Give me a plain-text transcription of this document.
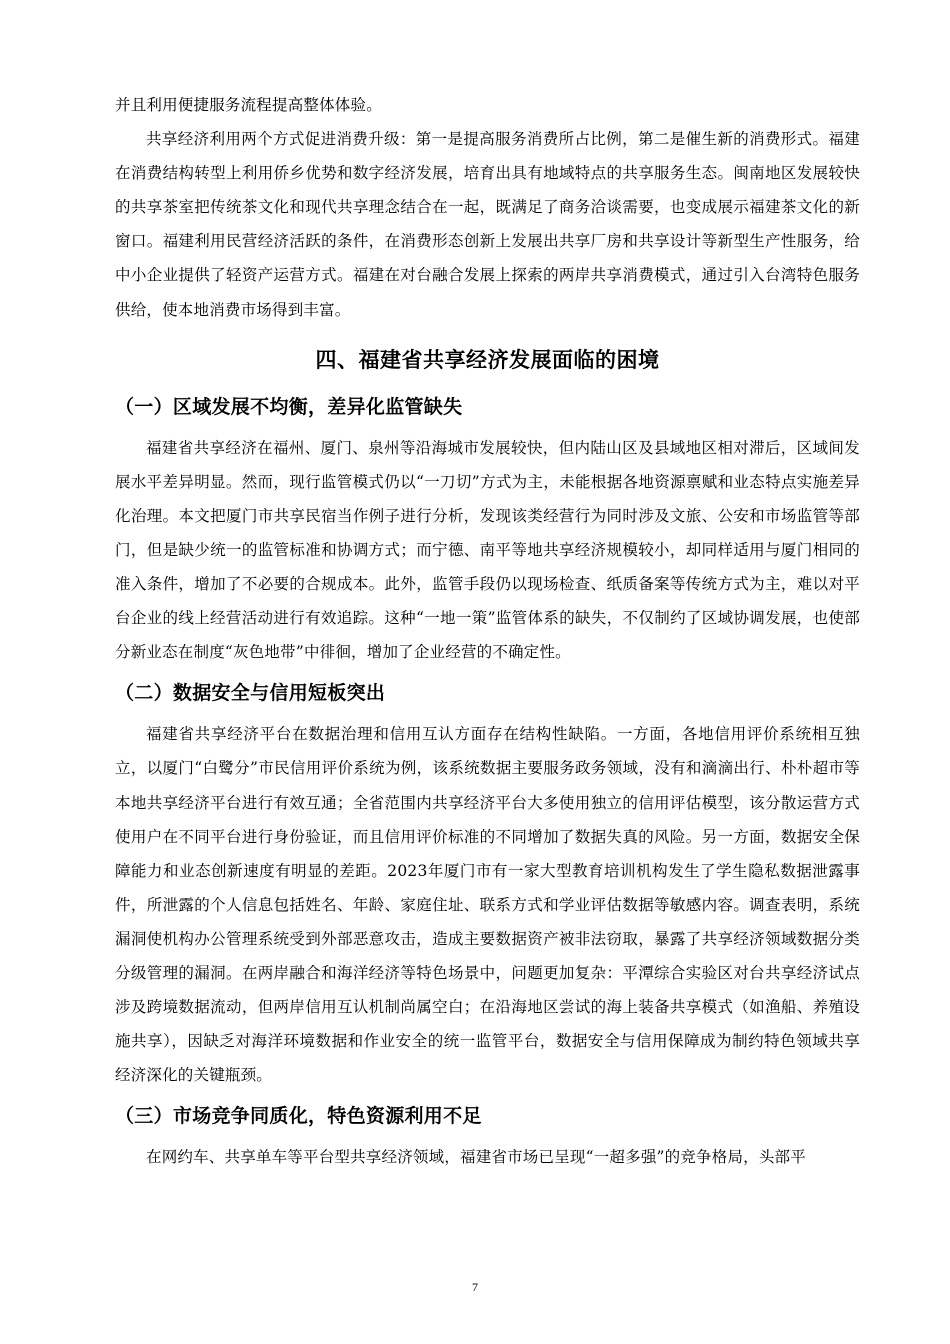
并且利用便捷服务流程提高整体体验。

共享经济利用两个方式促进消费升级：第一是提高服务消费所占比例，第二是催生新的消费形式。福建在消费结构转型上利用侨乡优势和数字经济发展，培育出具有地域特点的共享服务生态。闽南地区发展较快的共享茶室把传统茶文化和现代共享理念结合在一起，既满足了商务洽谈需要，也变成展示福建茶文化的新窗口。福建利用民营经济活跃的条件，在消费形态创新上发展出共享厂房和共享设计等新型生产性服务，给中小企业提供了轻资产运营方式。福建在对台融合发展上探索的两岸共享消费模式，通过引入台湾特色服务供给，使本地消费市场得到丰富。

四、福建省共享经济发展面临的困境
（一）区域发展不均衡，差异化监管缺失

福建省共享经济在福州、厦门、泉州等沿海城市发展较快，但内陆山区及县域地区相对滞后，区域间发展水平差异明显。然而，现行监管模式仍以“一刀切”方式为主，未能根据各地资源禀赋和业态特点实施差异化治理。本文把厦门市共享民宿当作例子进行分析，发现该类经营行为同时涉及文旅、公安和市场监管等部门，但是缺少统一的监管标准和协调方式；而宁德、南平等地共享经济规模较小，却同样适用与厦门相同的准入条件，增加了不必要的合规成本。此外，监管手段仍以现场检查、纸质备案等传统方式为主，难以对平台企业的线上经营活动进行有效追踪。这种“一地一策”监管体系的缺失，不仅制约了区域协调发展，也使部分新业态在制度“灰色地带”中徘徊，增加了企业经营的不确定性。

（二）数据安全与信用短板突出

福建省共享经济平台在数据治理和信用互认方面存在结构性缺陷。一方面，各地信用评价系统相互独立，以厦门“白鹭分”市民信用评价系统为例，该系统数据主要服务政务领域，没有和滴滴出行、朴朴超市等本地共享经济平台进行有效互通；全省范围内共享经济平台大多使用独立的信用评估模型，该分散运营方式使用户在不同平台进行身份验证，而且信用评价标准的不同增加了数据失真的风险。另一方面，数据安全保障能力和业态创新速度有明显的差距。2023年厦门市有一家大型教育培训机构发生了学生隐私数据泄露事件，所泄露的个人信息包括姓名、年龄、家庭住址、联系方式和学业评估数据等敏感内容。调查表明，系统漏洞使机构办公管理系统受到外部恶意攻击，造成主要数据资产被非法窃取，暴露了共享经济领域数据分类分级管理的漏洞。在两岸融合和海洋经济等特色场景中，问题更加复杂：平潭综合实验区对台共享经济试点涉及跨境数据流动，但两岸信用互认机制尚属空白；在沿海地区尝试的海上装备共享模式（如渔船、养殖设施共享），因缺乏对海洋环境数据和作业安全的统一监管平台，数据安全与信用保障成为制约特色领域共享经济深化的关键瓶颈。

（三）市场竞争同质化，特色资源利用不足

在网约车、共享单车等平台型共享经济领域，福建省市场已呈现“一超多强”的竞争格局，头部平

7
